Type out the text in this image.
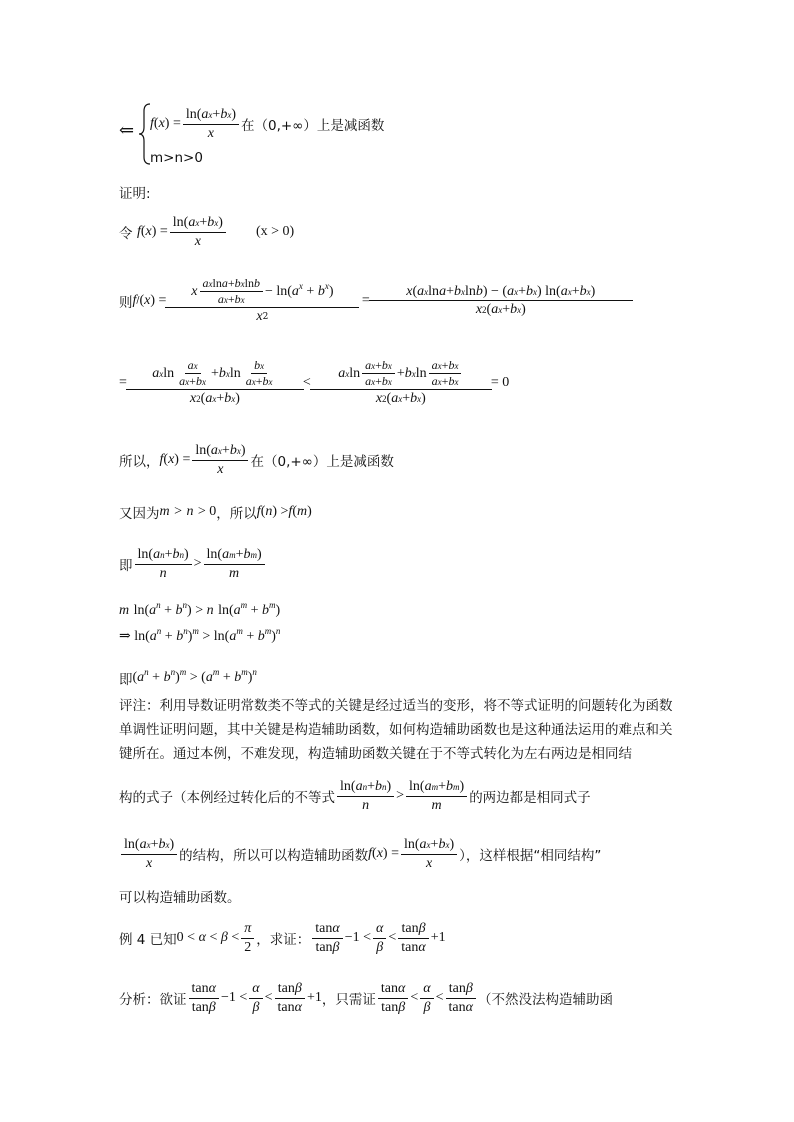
⇐ f ( x ) = $\frac{\text{ln( a x + b x )}}{x}$ 在（0,+∞）上是减函数
m>n>0
证明:
令
f ( x ) = $\frac{\text{ln( a x + b x )}}{x} (x > 0)$
则 f / ( x ) =
x
a x ln a + b x ln b
a x + b x
− $\ln(a^x + b^x)$
x 2
= $\frac{\text{x ( a x ln a + b x ln b ) − ( a x + b x ) ln( a x + b x )}}{\text{x 2 ( a x + b x )}}$
=
a x ln
a x
a x + b x
+ b x ln
b x
a x + b x
x 2 ( a x + b x )
<
a x ln
a x + b x
a x + b x
+ b x ln
a x + b x
a x + b x
x 2 ( a x + b x )
= 0
所以， f ( x ) = $\frac{\text{ln( a x + b x )}}{x}$ 在（0,+∞）上是减函数
又因为 m
>
n
> 0 ，所以 f ( n ) > f ( m )
即
ln( a n + b n )
n
>
ln( a m + b m )
m
m
$\ln(a^n + b^n) > n$
$\ln(a^m + b^m)$
⇒ $\ln(a^n + b^n)^m > \ln(a^m + b^m)^n$
即 $(a^n + b^n)^m > (a^m + b^m)^n$
评注：利用导数证明常数类不等式的关键是经过适当的变形，将不等式证明的问题转化为函数单调性证明问题，其中关键是构造辅助函数，如何构造辅助函数也是这种通法运用的难点和关键所在。通过本例，不难发现，构造辅助函数关键在于不等式转化为左右两边是相同结
构的式子（本例经过转化后的不等式
ln( a n + b n )
n
>
ln( a m + b m )
m 的两边都是相同式子
ln( a x + b x )
x 的结构，所以可以构造辅助函数 f ( x ) = $\frac{\text{ln( a x + b x )}}{x}$ ），这样根据“相同结构”
可以构造辅助函数。
例 4 已知 0 < α < β <
π
2 ，求证：
tan α
tan β
−1 <
α
β
<
tan β
tan α
+1
分析：欲证
tan α
tan β
−1 <
α
β
<
tan β
tan α
+1 ，只需证
tan α
tan β
<
α
β
<
tan β
tan α （不然没法构造辅助函
